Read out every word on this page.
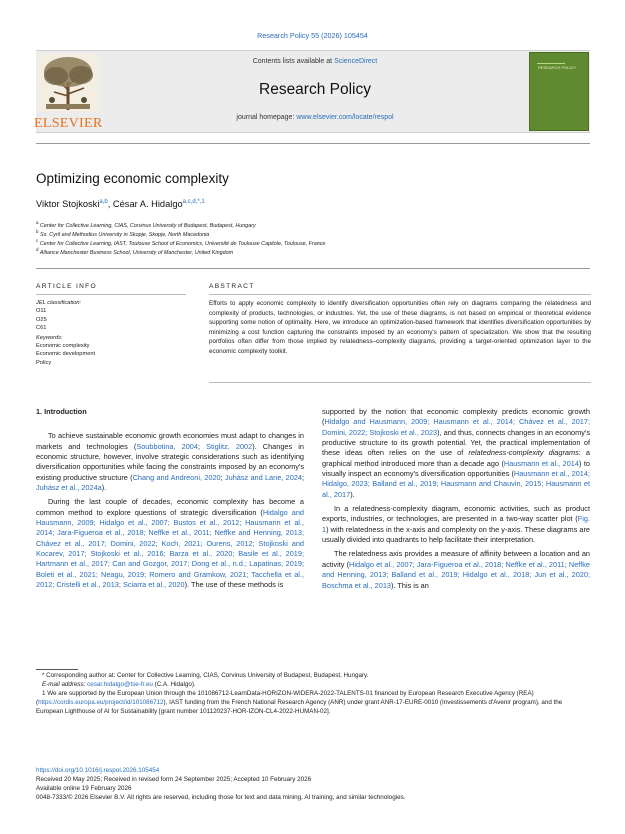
Research Policy 55 (2026) 105454
ELSEVIER
Contents lists available at ScienceDirect
Research Policy
journal homepage: www.elsevier.com/locate/respol
RESEARCH POLICY
Optimizing economic complexity
Viktor Stojkoski$^{a,b}$, César A. Hidalgo$^{a,c,d,*,1}$
$^a$ Center for Collective Learning, CIAS, Corvinus University of Budapest, Budapest, Hungary
$^b$ Ss. Cyril and Methodius University in Skopje, Skopje, North Macedonia
$^c$ Center for Collective Learning, IAST, Toulouse School of Economics, Université de Toulouse Capitole, Toulouse, France
$^d$ Alliance Manchester Business School, University of Manchester, United Kingdom
ARTICLE INFO	ABSTRACT
JEL classification:
O11
O25
C61
Keywords:
Economic complexity
Economic development
Policy
Efforts to apply economic complexity to identify diversification opportunities often rely on diagrams comparing the relatedness and complexity of products, technologies, or industries. Yet, the use of these diagrams, is not based on empirical or theoretical evidence supporting some notion of optimality. Here, we introduce an optimization-based framework that identifies diversification opportunities by minimizing a cost function capturing the constraints imposed by an economy's pattern of specialization. We show that the resulting portfolios often differ from those implied by relatedness–complexity diagrams, providing a target-oriented optimization layer to the economic complexity toolkit.
1. Introduction

To achieve sustainable economic growth economies must adapt to changes in markets and technologies (Soubbotina, 2004; Stiglitz, 2002). Changes in economic structure, however, involve strategic considerations such as identifying diversification opportunities while facing the constraints imposed by an economy's existing productive structure (Chang and Andreoni, 2020; Juhász and Lane, 2024; Juhász et al., 2024a).

During the last couple of decades, economic complexity has become a common method to explore questions of strategic diversification (Hidalgo and Hausmann, 2009; Hidalgo et al., 2007; Bustos et al., 2012; Hausmann et al., 2014; Jara-Figueroa et al., 2018; Neffke et al., 2011; Neffke and Henning, 2013; Chávez et al., 2017; Domini, 2022; Koch, 2021; Ourens, 2012; Stojkoski and Kocarev, 2017; Stojkoski et al., 2016; Barza et al., 2020; Basile et al., 2019; Hartmann et al., 2017; Can and Gozgor, 2017; Dong et al., n.d.; Lapatinas, 2019; Boleti et al., 2021; Neagu, 2019; Romero and Gramkow, 2021; Tacchella et al., 2012; Cristelli et al., 2013; Sciarra et al., 2020). The use of these methods is

supported by the notion that economic complexity predicts economic growth (Hidalgo and Hausmann, 2009; Hausmann et al., 2014; Chávez et al., 2017; Domini, 2022; Stojkoski et al., 2023), and thus, connects changes in an economy's productive structure to its growth potential. Yet, the practical implementation of these ideas often relies on the use of relatedness-complexity diagrams: a graphical method introduced more than a decade ago (Hausmann et al., 2014) to visually inspect an economy's diversification opportunities (Hausmann et al., 2014; Hidalgo, 2023; Balland et al., 2019; Hausmann and Chauvin, 2015; Hausmann et al., 2017).

In a relatedness-complexity diagram, economic activities, such as product exports, industries, or technologies, are presented in a two-way scatter plot (Fig. 1) with relatedness in the x-axis and complexity on the y-axis. These diagrams are usually divided into quadrants to help facilitate their interpretation.

The relatedness axis provides a measure of affinity between a location and an activity (Hidalgo et al., 2007; Jara-Figueroa et al., 2018; Neffke et al., 2011; Neffke and Henning, 2013; Balland et al., 2019; Hidalgo et al., 2018; Jun et al., 2020; Boschma et al., 2013). This is an

* Corresponding author at: Center for Collective Learning, CIAS, Corvinus University of Budapest, Budapest, Hungary.

E-mail address: cesar.hidalgo@tse-fr.eu (C.A. Hidalgo).

1 We are supported by the European Union through the 101086712-LearnData-HORIZON-WIDERA-2022-TALENTS-01 financed by European Research Executive Agency (REA) (https://cordis.europa.eu/project/id/101086712), IAST funding from the French National Research Agency (ANR) under grant ANR-17-EURE-0010 (Investissements d'Avenir program), and the European Lighthouse of AI for Sustainability [grant number 101120237-HOR-IZON-CL4-2022-HUMAN-02].

https://doi.org/10.1016/j.respol.2026.105454
Received 20 May 2025; Received in revised form 24 September 2025; Accepted 10 February 2026
Available online 19 February 2026
0048-7333/© 2026 Elsevier B.V. All rights are reserved, including those for text and data mining, AI training, and similar technologies.
